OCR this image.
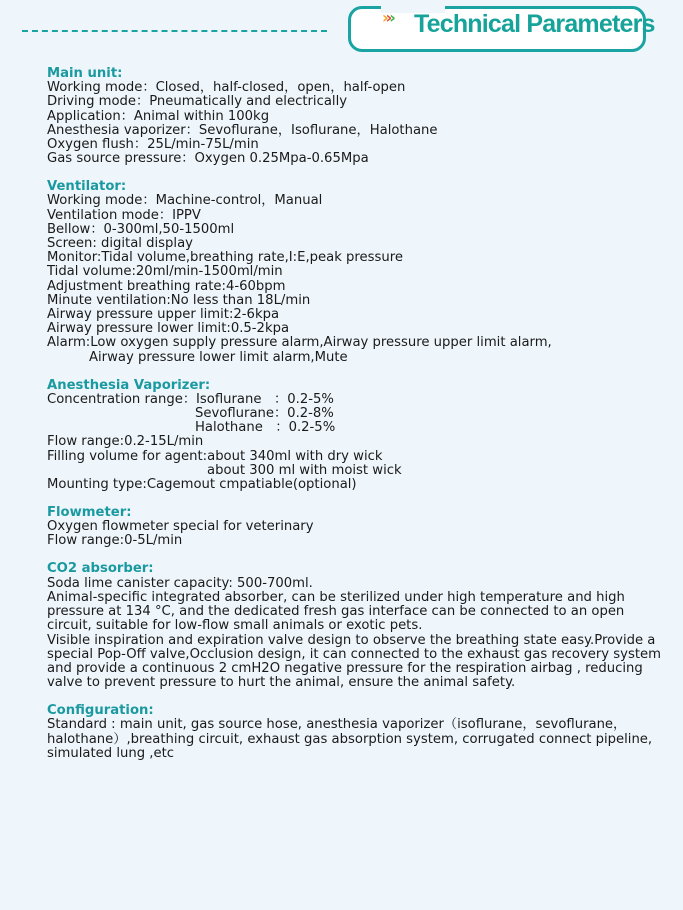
››› Technical Parameters
Main unit:
Working mode：Closed，half-closed，open，half-open
Driving mode：Pneumatically and electrically
Application：Animal within 100kg
Anesthesia vaporizer：Sevoflurane，Isoflurane，Halothane
Oxygen flush：25L/min-75L/min
Gas source pressure：Oxygen 0.25Mpa-0.65Mpa
Ventilator:
Working mode：Machine-control，Manual
Ventilation mode：IPPV
Bellow：0-300ml,50-1500ml
Screen: digital display
Monitor:Tidal volume,breathing rate,I:E,peak pressure
Tidal volume:20ml/min-1500ml/min
Adjustment breathing rate:4-60bpm
Minute ventilation:No less than 18L/min
Airway pressure upper limit:2-6kpa
Airway pressure lower limit:0.5-2kpa
Alarm:Low oxygen supply pressure alarm,Airway pressure upper limit alarm,
Airway pressure lower limit alarm,Mute
Anesthesia Vaporizer:
Concentration range：Isoflurane   ：0.2-5%
Sevoflurane：0.2-8%
Halothane   ：0.2-5%
Flow range:0.2-15L/min
Filling volume for agent:about 340ml with dry wick
about 300 ml with moist wick
Mounting type:Cagemout cmpatiable(optional)
Flowmeter:
Oxygen flowmeter special for veterinary
Flow range:0-5L/min
CO2 absorber:
Soda lime canister capacity: 500-700ml.
Animal-specific integrated absorber, can be sterilized under high temperature and high pressure at 134 °C, and the dedicated fresh gas interface can be connected to an open circuit, suitable for low-flow small animals or exotic pets.
Visible inspiration and expiration valve design to observe the breathing state easy.Provide a special Pop-Off valve,Occlusion design, it can connected to the exhaust gas recovery system and provide a continuous 2 cmH2O negative pressure for the respiration airbag , reducing valve to prevent pressure to hurt the animal, ensure the animal safety.
Configuration:
Standard : main unit, gas source hose, anesthesia vaporizer（isoflurane，sevoflurane，halothane）,breathing circuit, exhaust gas absorption system, corrugated connect pipeline, simulated lung ,etc
